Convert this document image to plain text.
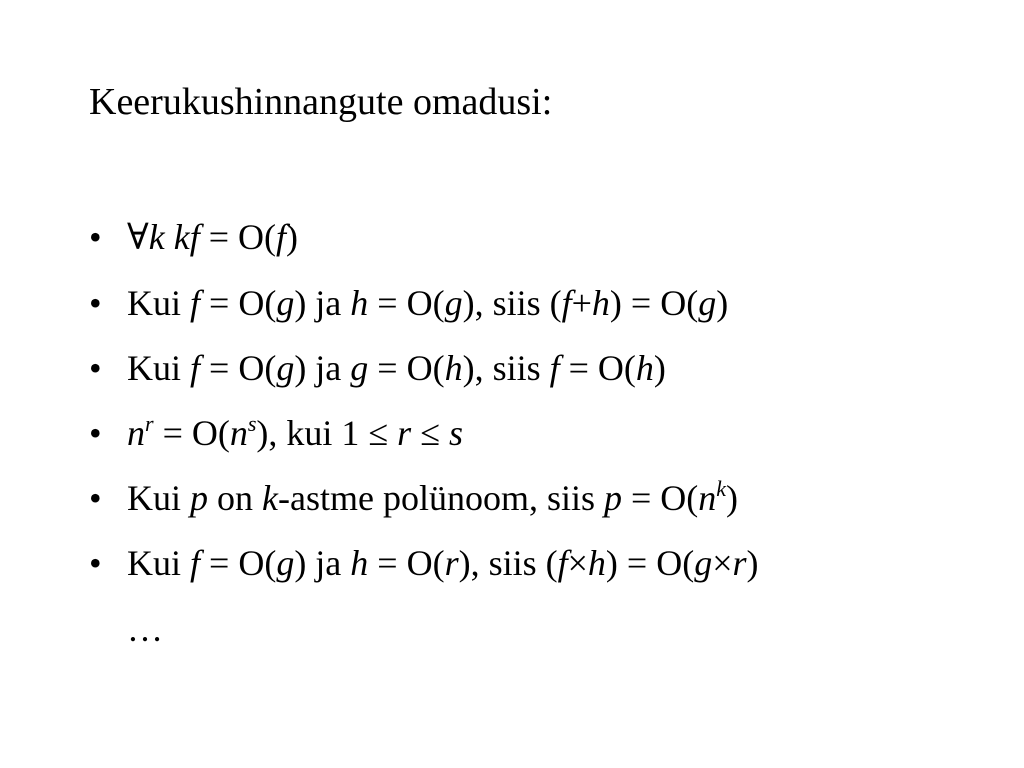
Keerukushinnangute omadusi:
• ∀k kf = O(f)
• Kui f = O(g) ja h = O(g), siis (f+h) = O(g)
• Kui f = O(g) ja g = O(h), siis f = O(h)
• $n^r = O(n^s)$, kui 1 ≤ r ≤ s
• Kui p on k-astme polünoom, siis $p = O(n^k)$
• Kui f = O(g) ja h = O(r), siis (f×h) = O(g×r)
…
